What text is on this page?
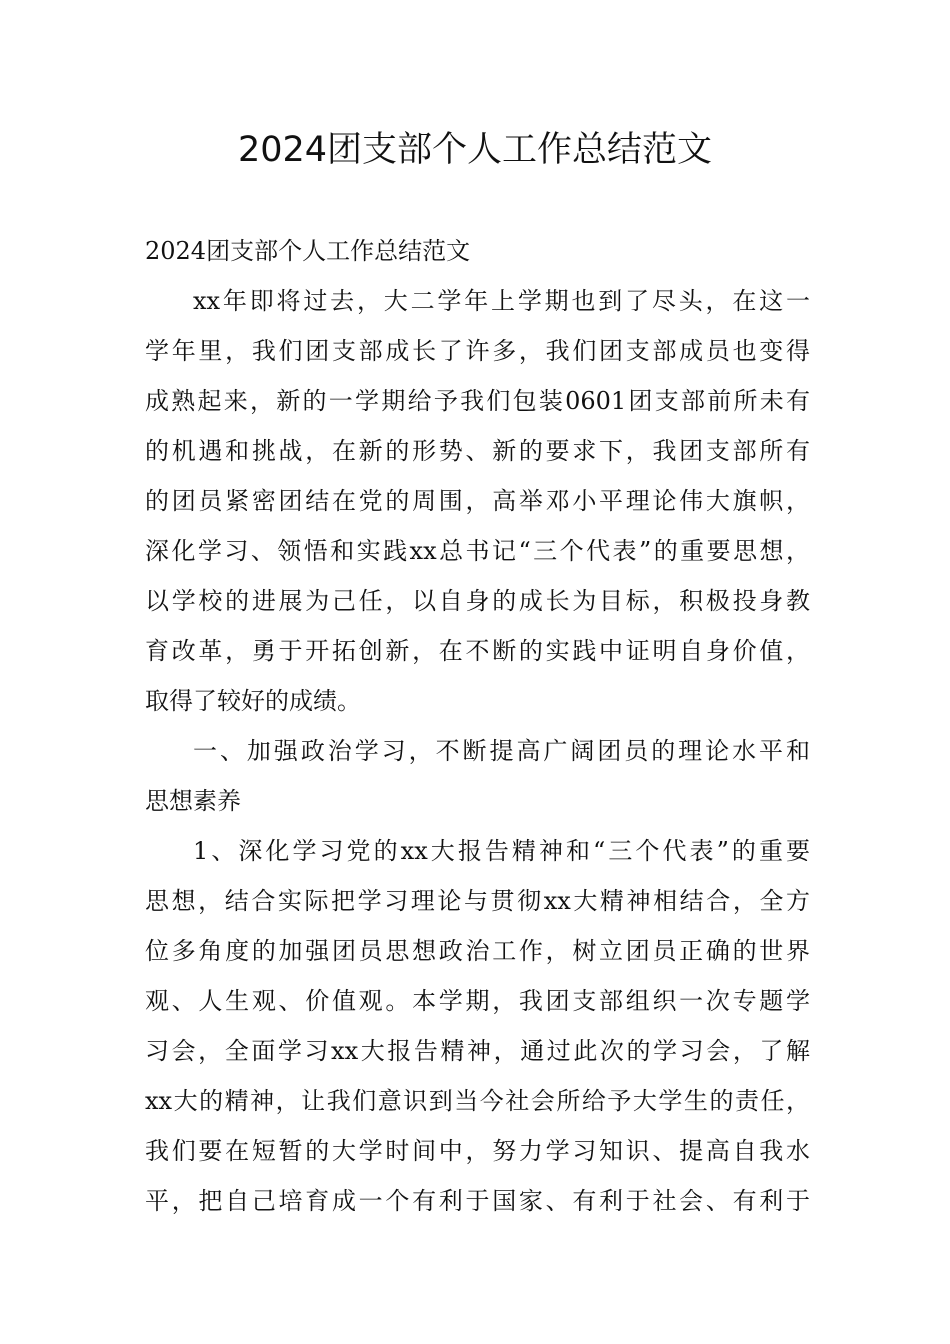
2024团支部个人工作总结范文
2024团支部个人工作总结范文
xx年即将过去，大二学年上学期也到了尽头，在这一
学年里，我们团支部成长了许多，我们团支部成员也变得
成熟起来，新的一学期给予我们包装0601团支部前所未有
的机遇和挑战，在新的形势、新的要求下，我团支部所有
的团员紧密团结在党的周围，高举邓小平理论伟大旗帜，
深化学习、领悟和实践xx总书记“三个代表”的重要思想，
以学校的进展为己任，以自身的成长为目标，积极投身教
育改革，勇于开拓创新，在不断的实践中证明自身价值，
取得了较好的成绩。
一、加强政治学习，不断提高广阔团员的理论水平和
思想素养
1、深化学习党的xx大报告精神和“三个代表”的重要
思想，结合实际把学习理论与贯彻xx大精神相结合，全方
位多角度的加强团员思想政治工作，树立团员正确的世界
观、人生观、价值观。本学期，我团支部组织一次专题学
习会，全面学习xx大报告精神，通过此次的学习会，了解
xx大的精神，让我们意识到当今社会所给予大学生的责任，
我们要在短暂的大学时间中，努力学习知识、提高自我水
平，把自己培育成一个有利于国家、有利于社会、有利于
